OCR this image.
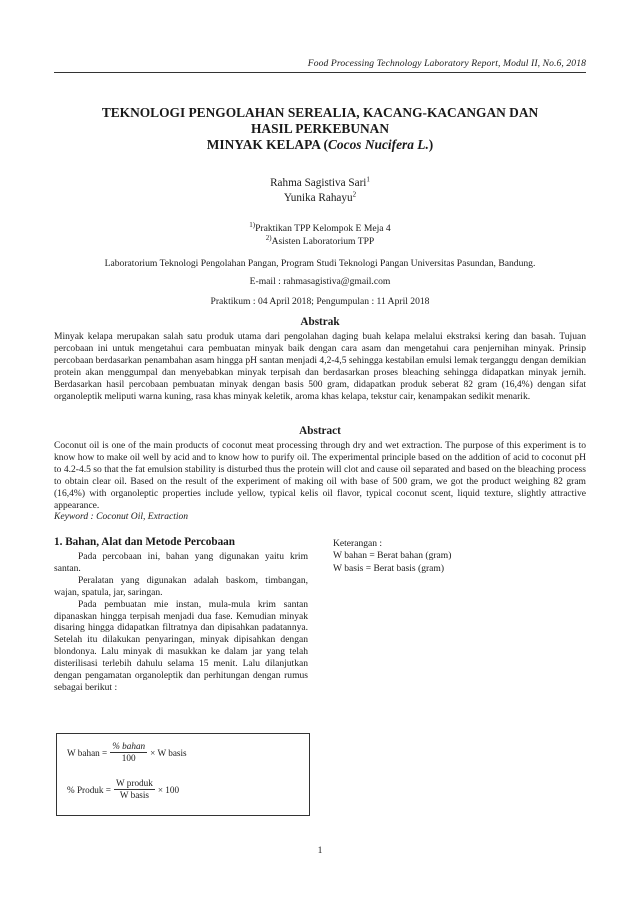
Food Processing Technology Laboratory Report, Modul II, No.6, 2018
TEKNOLOGI PENGOLAHAN SEREALIA, KACANG-KACANGAN DAN
HASIL PERKEBUNAN
MINYAK KELAPA (Cocos Nucifera L.)
Rahma Sagistiva Sari$^1$
Yunika Rahayu$^2$
$^{1)}$Praktikan TPP Kelompok E Meja 4
$^{2)}$Asisten Laboratorium TPP
Laboratorium Teknologi Pengolahan Pangan, Program Studi Teknologi Pangan Universitas Pasundan, Bandung.
E-mail : rahmasagistiva@gmail.com
Praktikum : 04 April 2018; Pengumpulan : 11 April 2018
Abstrak
Minyak kelapa merupakan salah satu produk utama dari pengolahan daging buah kelapa melalui ekstraksi kering dan basah. Tujuan percobaan ini untuk mengetahui cara pembuatan minyak baik dengan cara asam dan mengetahui cara penjernihan minyak. Prinsip percobaan berdasarkan penambahan asam hingga pH santan menjadi 4,2-4,5 sehingga kestabilan emulsi lemak terganggu dengan demikian protein akan menggumpal dan menyebabkan minyak terpisah dan berdasarkan proses bleaching sehingga didapatkan minyak jernih. Berdasarkan hasil percobaan pembuatan minyak dengan basis 500 gram, didapatkan produk seberat 82 gram (16,4%) dengan sifat organoleptik meliputi warna kuning, rasa khas minyak keletik, aroma khas kelapa, tekstur cair, kenampakan sedikit menarik.
Abstract
Coconut oil is one of the main products of coconut meat processing through dry and wet extraction. The purpose of this experiment is to know how to make oil well by acid and to know how to purify oil. The experimental principle based on the addition of acid to coconut pH to 4.2-4.5 so that the fat emulsion stability is disturbed thus the protein will clot and cause oil separated and based on the bleaching process to obtain clear oil. Based on the result of the experiment of making oil with base of 500 gram, we got the product weighing 82 gram (16,4%) with organoleptic properties include yellow, typical kelis oil flavor, typical coconut scent, liquid texture, slightly attractive appearance.
Keyword : Coconut Oil, Extraction
1. Bahan, Alat dan Metode Percobaan

Pada percobaan ini, bahan yang digunakan yaitu krim santan.

Peralatan yang digunakan adalah baskom, timbangan, wajan, spatula, jar, saringan.

Pada pembuatan mie instan, mula-mula krim santan dipanaskan hingga terpisah menjadi dua fase. Kemudian minyak disaring hingga didapatkan filtratnya dan dipisahkan padatannya. Setelah itu dilakukan penyaringan, minyak dipisahkan dengan blondonya. Lalu minyak di masukkan ke dalam jar yang telah disterilisasi terlebih dahulu selama 15 menit. Lalu dilanjutkan dengan pengamatan organoleptik dan perhitungan dengan rumus sebagai berikut :

W bahan = $\frac{\text{\% bahan}}{100} \times W$ basis
% Produk = $\frac{\text{W produk}}{\text{W basis}} \times 100$
Keterangan :
W bahan = Berat bahan (gram)
W basis = Berat basis (gram)
1
